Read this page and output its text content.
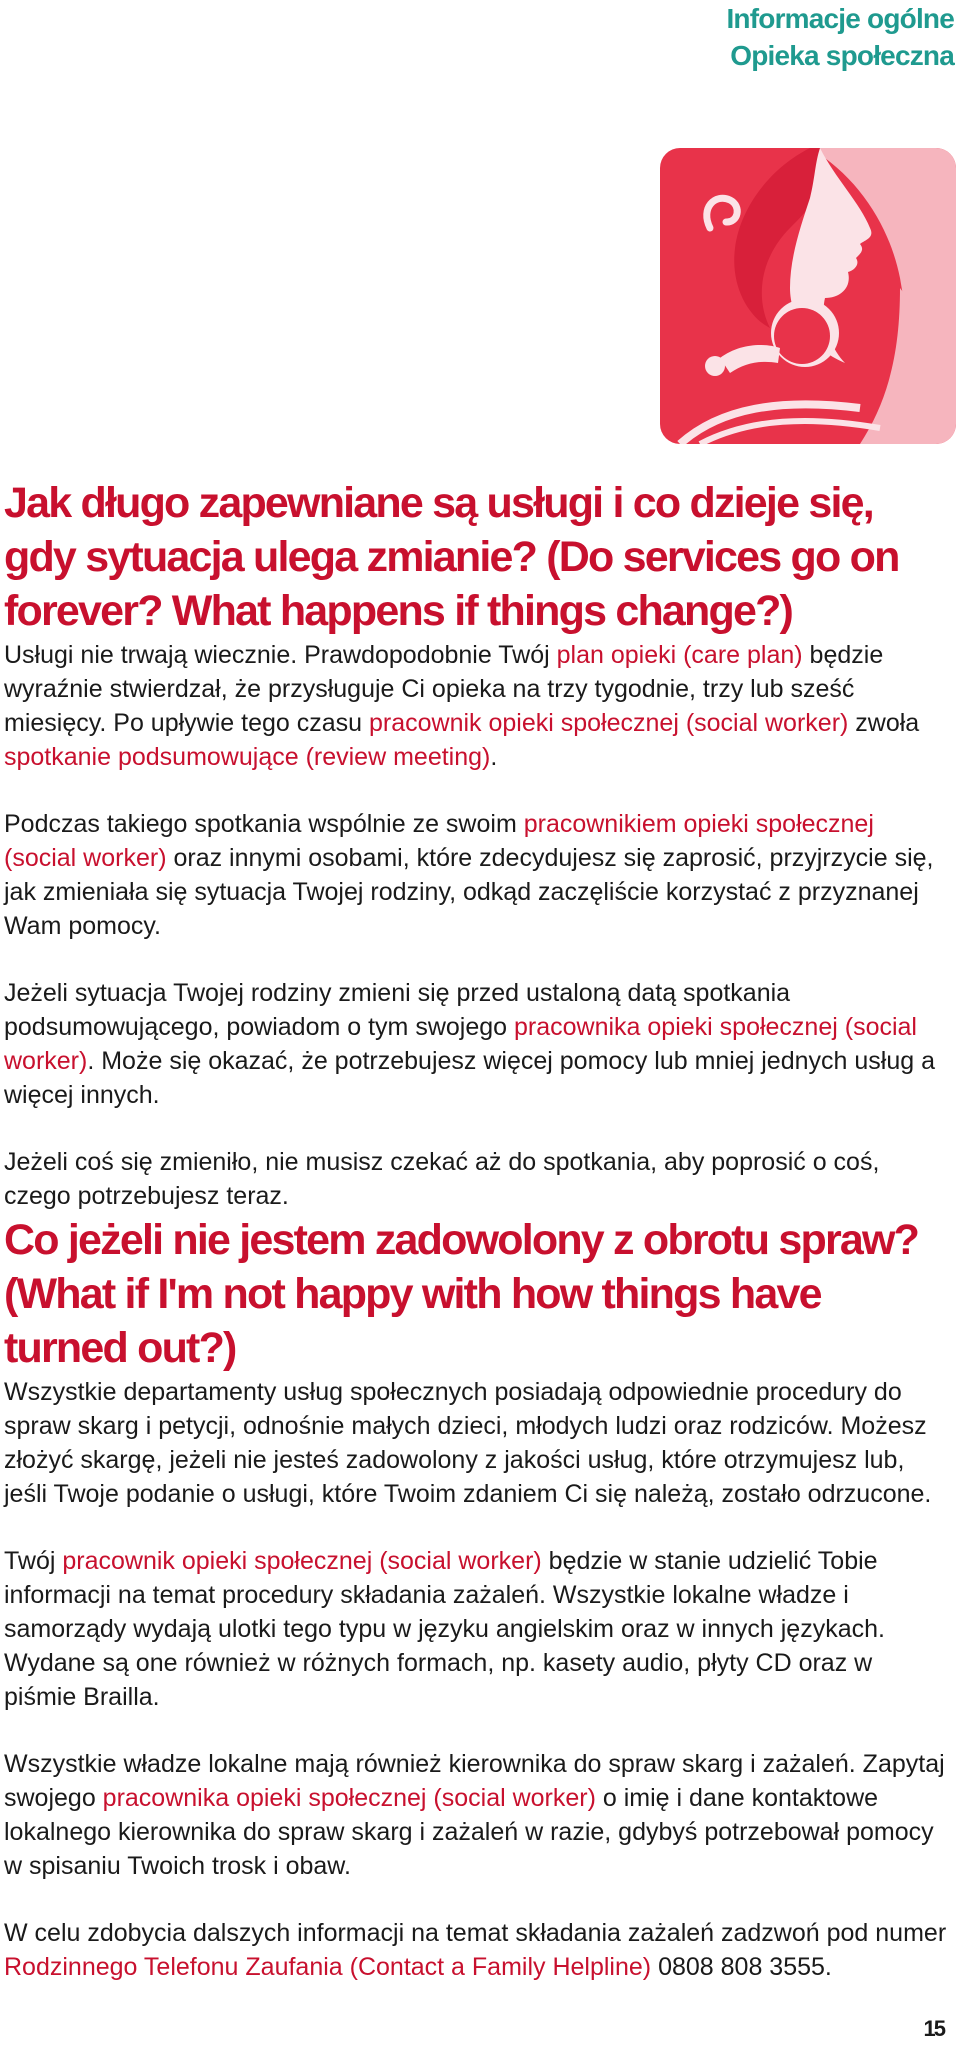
Informacje ogólne
Opieka społeczna
Jak długo zapewniane są usługi i co dzieje się, gdy sytuacja ulega zmianie? (Do services go on forever? What happens if things change?)

Usługi nie trwają wiecznie. Prawdopodobnie Twój plan opieki (care plan) będzie wyraźnie stwierdzał, że przysługuje Ci opieka na trzy tygodnie, trzy lub sześć miesięcy. Po upływie tego czasu pracownik opieki społecznej (social worker) zwoła spotkanie podsumowujące (review meeting).

Podczas takiego spotkania wspólnie ze swoim pracownikiem opieki społecznej (social worker) oraz innymi osobami, które zdecydujesz się zaprosić, przyjrzycie się, jak zmieniała się sytuacja Twojej rodziny, odkąd zaczęliście korzystać z przyznanej Wam pomocy.

Jeżeli sytuacja Twojej rodziny zmieni się przed ustaloną datą spotkania podsumowującego, powiadom o tym swojego pracownika opieki społecznej (social worker). Może się okazać, że potrzebujesz więcej pomocy lub mniej jednych usług a więcej innych.

Jeżeli coś się zmieniło, nie musisz czekać aż do spotkania, aby poprosić o coś, czego potrzebujesz teraz.

Co jeżeli nie jestem zadowolony z obrotu spraw? (What if I'm not happy with how things have turned out?)

Wszystkie departamenty usług społecznych posiadają odpowiednie procedury do spraw skarg i petycji, odnośnie małych dzieci, młodych ludzi oraz rodziców. Możesz złożyć skargę, jeżeli nie jesteś zadowolony z jakości usług, które otrzymujesz lub, jeśli Twoje podanie o usługi, które Twoim zdaniem Ci się należą, zostało odrzucone.

Twój pracownik opieki społecznej (social worker) będzie w stanie udzielić Tobie informacji na temat procedury składania zażaleń. Wszystkie lokalne władze i samorządy wydają ulotki tego typu w języku angielskim oraz w innych językach. Wydane są one również w różnych formach, np. kasety audio, płyty CD oraz w piśmie Brailla.

Wszystkie władze lokalne mają również kierownika do spraw skarg i zażaleń. Zapytaj swojego pracownika opieki społecznej (social worker) o imię i dane kontaktowe lokalnego kierownika do spraw skarg i zażaleń w razie, gdybyś potrzebował pomocy w spisaniu Twoich trosk i obaw.

W celu zdobycia dalszych informacji na temat składania zażaleń zadzwoń pod numer Rodzinnego Telefonu Zaufania (Contact a Family Helpline) 0808 808 3555.

15
